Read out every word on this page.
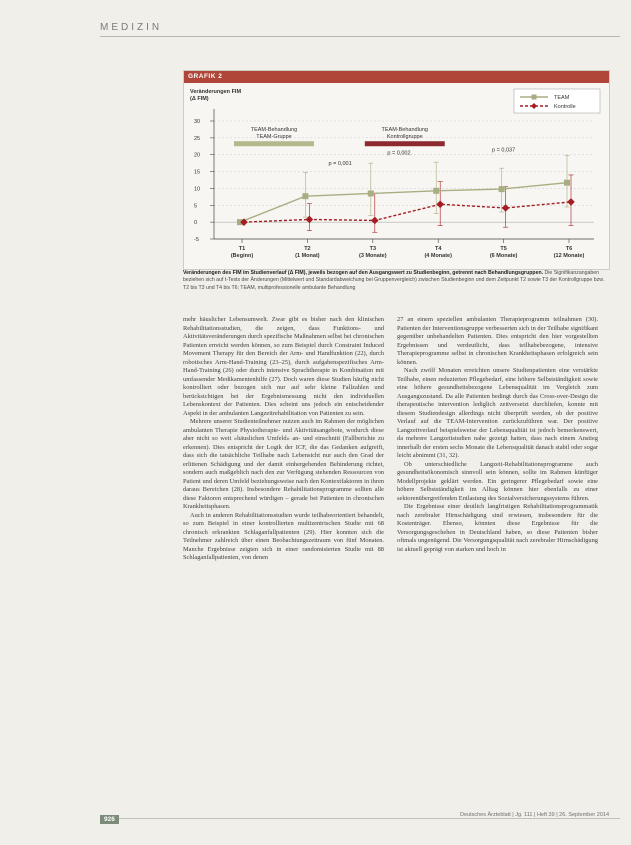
MEDIZIN
GRAFIK 2
Veränderungen FIM
(Δ FIM)
-5
0
5
10
15
20
25
30
T1
(Beginn)
T2
(1 Monat)
T3
(3 Monate)
T4
(4 Monate)
T5
(6 Monate)
T6
(12 Monate)
TEAM-Behandlung
TEAM-Gruppe
TEAM-Behandlung
Kontrollgruppe
p = 0,001
p = 0,002
p = 0,037
TEAM
Kontrolle
Veränderungen des FIM im Studienverlauf (Δ FIM), jeweils bezogen auf den Ausgangswert zu Studienbeginn, getrennt nach Behandlungsgruppen. Die Signifikanzangaben beziehen sich auf t-Tests der Änderungen (Mittelwert und Standardabweichung bei Gruppenvergleich) zwischen Studienbeginn und dem Zeitpunkt T2 sowie T3 der Kontrollgruppe bzw. T2 bis T3 und T4 bis T6; TEAM, multiprofessionelle ambulante Behandlung

mehr häuslicher Lebensumwelt. Zwar gibt es bisher nach den klinischen Rehabilitationsstudien, die zeigen, dass Funktions- und Aktivitätsveränderungen durch spezifische Maßnahmen selbst bei chronischen Patienten erreicht werden können, so zum Beispiel durch Constraint Induced Movement Therapy für den Bereich der Arm- und Handfunktion (22), durch robotisches Arm-Hand-Training (23–25), durch aufgabenspezifisches Arm-Hand-Training (26) oder durch intensive Sprachtherapie in Kombination mit umfassender Medikamentenhilfe (27). Doch waren diese Studien häufig nicht kontrolliert oder bezogen sich nur auf sehr kleine Fallzahlen und berücksichtigen bei der Ergebnismessung nicht den individuellen Lebenskontext der Patienten. Dies scheint uns jedoch ein entscheidender Aspekt in der ambulanten Langzeitrehabilitation von Patienten zu sein.

Mehrere unserer Studienteilnehmer nutzen auch im Rahmen der möglichen ambulanten Therapie Physiotherapie- und Aktivitätsangebote, wodurch diese aber nicht so weit »häuslichen Umfeld« an- und einschnitt (Fallberichte zu erkennen). Dies entspricht der Logik der ICF, die das Gedanken aufgreift, dass sich die tatsächliche Teilhabe nach Lebensicht nur auch den Grad der erlittenen Schädigung und der damit einhergehenden Behinderung richtet, sondern auch maßgeblich nach den zur Verfügung stehenden Ressourcen von Patient und deren Umfeld beziehungsweise nach den Kontextfaktoren in ihren daraus Bereichen (28). Insbesondere Rehabilitationsprogramme sollten alle diese Faktoren entsprechend würdigen – gerade bei Patienten in chronischen Krankheitsphasen.

Auch in anderen Rehabilitationsstudien wurde teilhabeorientiert behandelt, so zum Beispiel in einer kontrollierten multizentrischen Studie mit 68 chronisch erkrankten Schlaganfallpatienten (29). Hier konnten sich die Teilnehmer zahlreich über einen Beobachtungszeitraum von fünf Monaten. Manche Ergebnisse zeigten sich in einer randomisierten Studie mit 88 Schlaganfallpatienten, von denen

27 an einem speziellen ambulanten Therapieprogramm teilnahmen (30). Patienten der Interventionsgruppe verbesserten sich in der Teilhabe signifikant gegenüber unbehandelten Patienten. Dies entspricht den hier vorgestellten Ergebnissen und verdeutlicht, dass teilhabebezogene, intensive Therapieprogramme selbst in chronischen Krankheitsphasen erfolgreich sein können.

Nach zwölf Monaten erreichten unsere Studienpatienten eine verstärkte Teilhabe, einen reduzierten Pflegebedarf, eine höhere Selbstständigkeit sowie eine höhere gesundheitsbezogene Lebensqualität im Vergleich zum Ausgangszustand. Da alle Patienten bedingt durch das Cross-over-Design die therapeutische intervention lediglich zeitversetzt durchliefen, konnte mit diesem Studiendesign allerdings nicht überprüft werden, ob der positive Verlauf auf die TEAM-Intervention zurückzuführen war. Der positive Langzeitverlauf beispielsweise der Lebensqualität ist jedoch bemerkenswert, da mehrere Langzeitstudien nahe gezeigt hatten, dass nach einem Anstieg innerhalb der ersten sechs Monate die Lebensqualität danach stabil oder sogar leicht abnimmt (31, 32).

Ob unterschiedliche Langzeit-Rehabilitationsprogramme auch gesundheitsökonomisch sinnvoll sein können, sollte im Rahmen künftiger Modellprojekte geklärt werden. Ein geringerer Pflegebedarf sowie eine höhere Selbstständigkeit im Alltag können hier ebenfalls zu einer sektorenübergreifenden Entlastung des Sozialversicherungssystems führen.

Die Ergebnisse einer deutlich langfristigen Rehabilitationsprogrammatik nach zerebraler Hirnschädigung sind erwiesen, insbesondere für die Kostenträger. Ebenso, könnten diese Ergebnisse für die Versorgungsgeschehen in Deutschland haben, so diese Patienten bisher oftmals ungenügend. Die Versorgungsqualität nach zerebraler Hirnschädigung ist aktuell geprägt von starken und hoch in

926
Deutsches Ärzteblatt | Jg. 111 | Heft 39 | 26. September 2014
